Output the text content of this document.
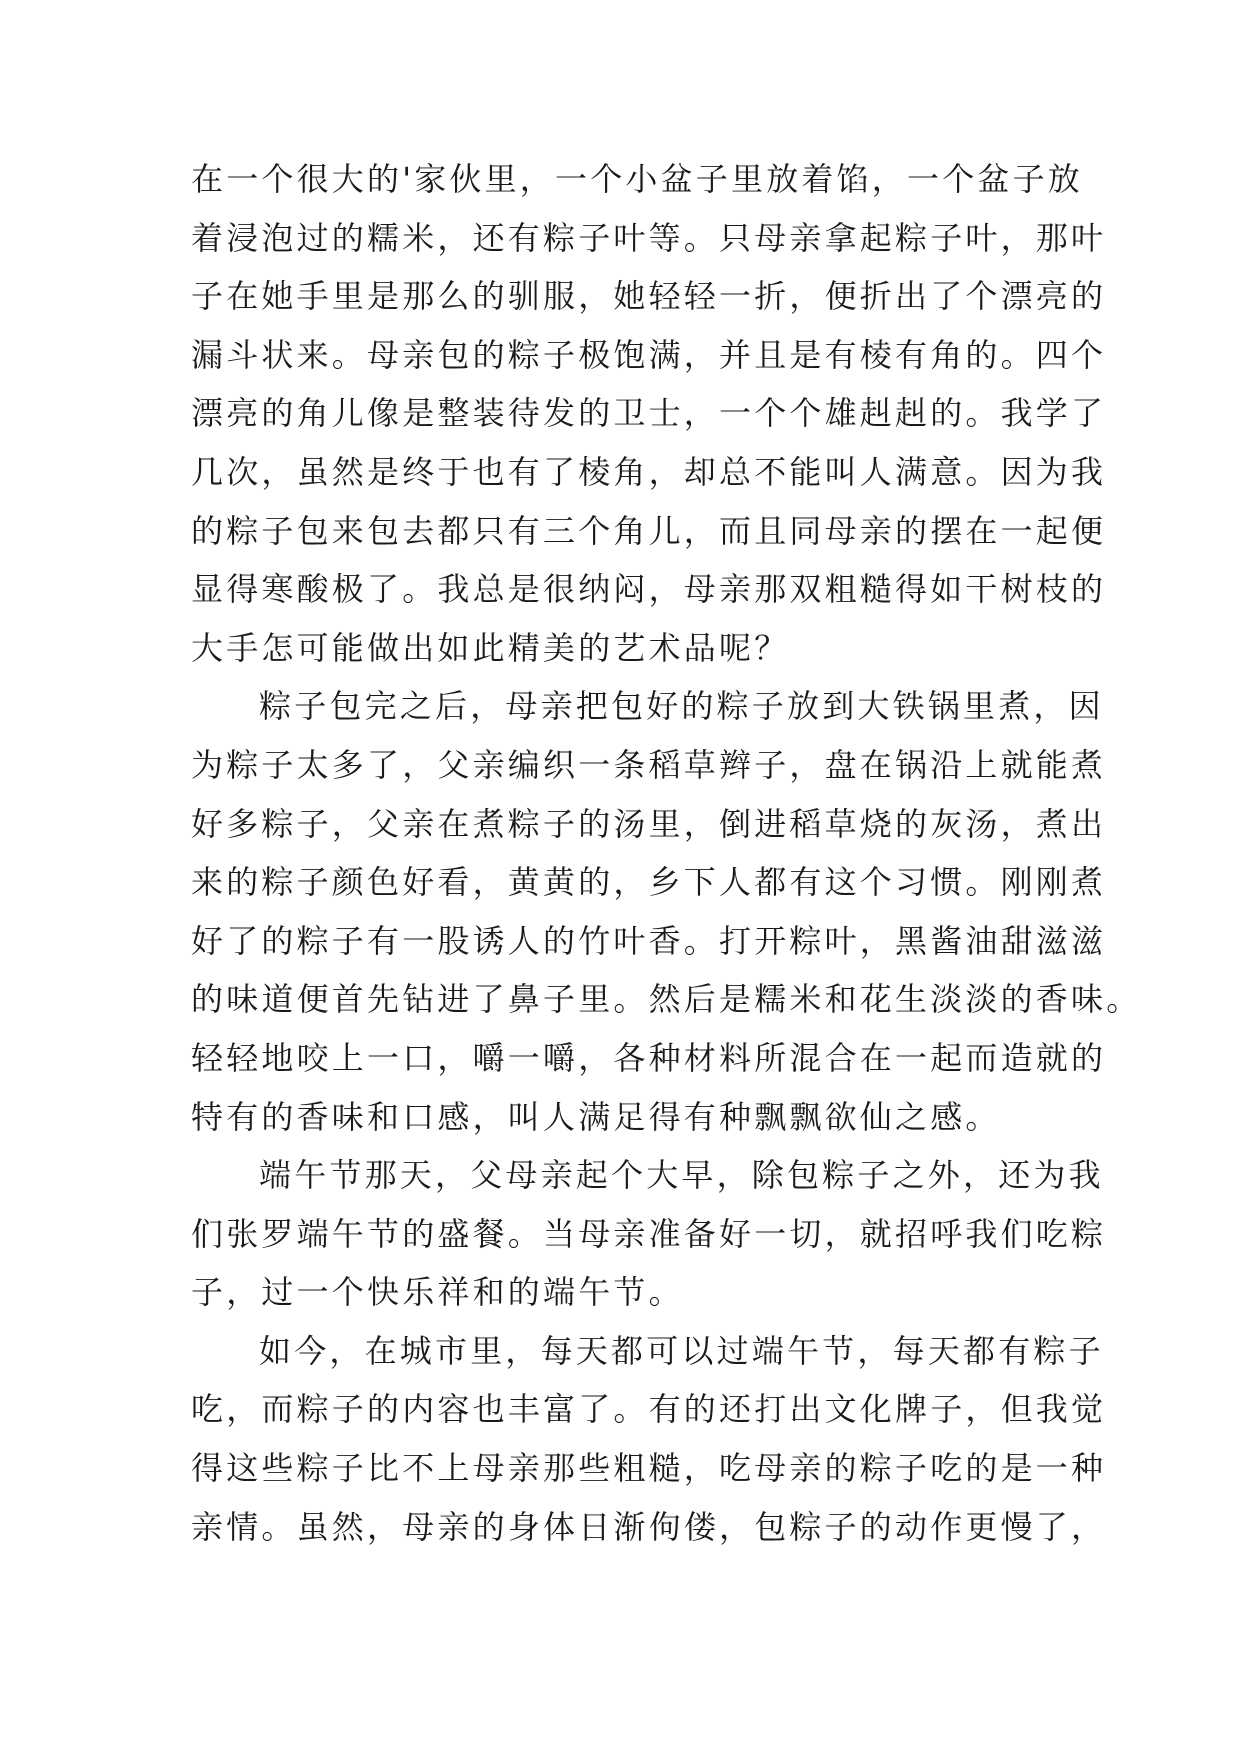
在一个很大的'家伙里，一个小盆子里放着馅，一个盆子放
着浸泡过的糯米，还有粽子叶等。只母亲拿起粽子叶，那叶
子在她手里是那么的驯服，她轻轻一折，便折出了个漂亮的
漏斗状来。母亲包的粽子极饱满，并且是有棱有角的。四个
漂亮的角儿像是整装待发的卫士，一个个雄赳赳的。我学了
几次，虽然是终于也有了棱角，却总不能叫人满意。因为我
的粽子包来包去都只有三个角儿，而且同母亲的摆在一起便
显得寒酸极了。我总是很纳闷，母亲那双粗糙得如干树枝的
大手怎可能做出如此精美的艺术品呢？
粽子包完之后，母亲把包好的粽子放到大铁锅里煮，因
为粽子太多了，父亲编织一条稻草辫子，盘在锅沿上就能煮
好多粽子，父亲在煮粽子的汤里，倒进稻草烧的灰汤，煮出
来的粽子颜色好看，黄黄的，乡下人都有这个习惯。刚刚煮
好了的粽子有一股诱人的竹叶香。打开粽叶，黑酱油甜滋滋
的味道便首先钻进了鼻子里。然后是糯米和花生淡淡的香味。
轻轻地咬上一口，嚼一嚼，各种材料所混合在一起而造就的
特有的香味和口感，叫人满足得有种飘飘欲仙之感。
端午节那天，父母亲起个大早，除包粽子之外，还为我
们张罗端午节的盛餐。当母亲准备好一切，就招呼我们吃粽
子，过一个快乐祥和的端午节。
如今，在城市里，每天都可以过端午节，每天都有粽子
吃，而粽子的内容也丰富了。有的还打出文化牌子，但我觉
得这些粽子比不上母亲那些粗糙，吃母亲的粽子吃的是一种
亲情。虽然，母亲的身体日渐佝偻，包粽子的动作更慢了，
